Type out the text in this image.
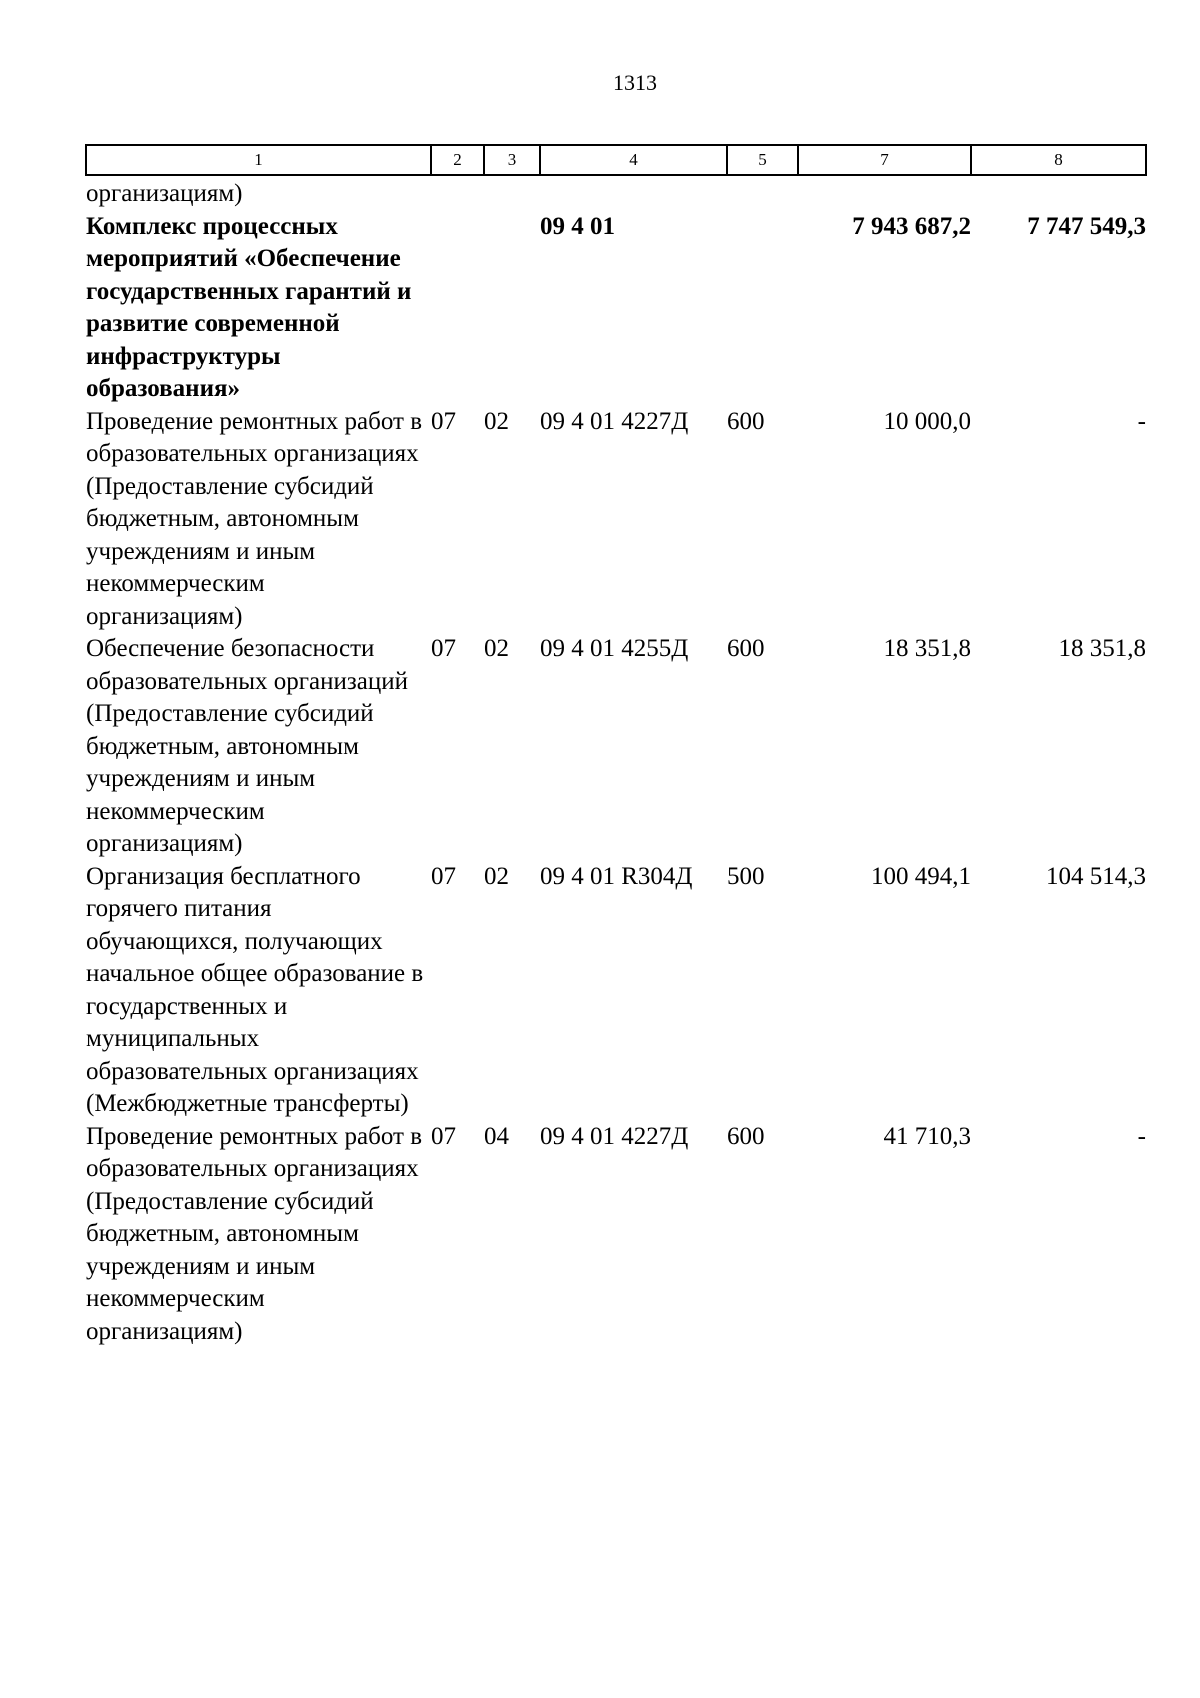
1313
1	2	3	4	5	7	8
организациям)						
Комплекс процессных мероприятий «Обеспечение государственных гарантий и развитие современной инфраструктуры образования»			09 4 01		7 943 687,2	7 747 549,3
Проведение ремонтных работ в образовательных организациях (Предоставление субсидий бюджетным, автономным учреждениям и иным некоммерческим организациям)	07	02	09 4 01 4227Д	600	10 000,0	-
Обеспечение безопасности образовательных организаций (Предоставление субсидий бюджетным, автономным учреждениям и иным некоммерческим организациям)	07	02	09 4 01 4255Д	600	18 351,8	18 351,8
Организация бесплатного горячего питания обучающихся, получающих начальное общее образование в государственных и муниципальных образовательных организациях (Межбюджетные трансферты)	07	02	09 4 01 R304Д	500	100 494,1	104 514,3
Проведение ремонтных работ в образовательных организациях (Предоставление субсидий бюджетным, автономным учреждениям и иным некоммерческим организациям)	07	04	09 4 01 4227Д	600	41 710,3	-
